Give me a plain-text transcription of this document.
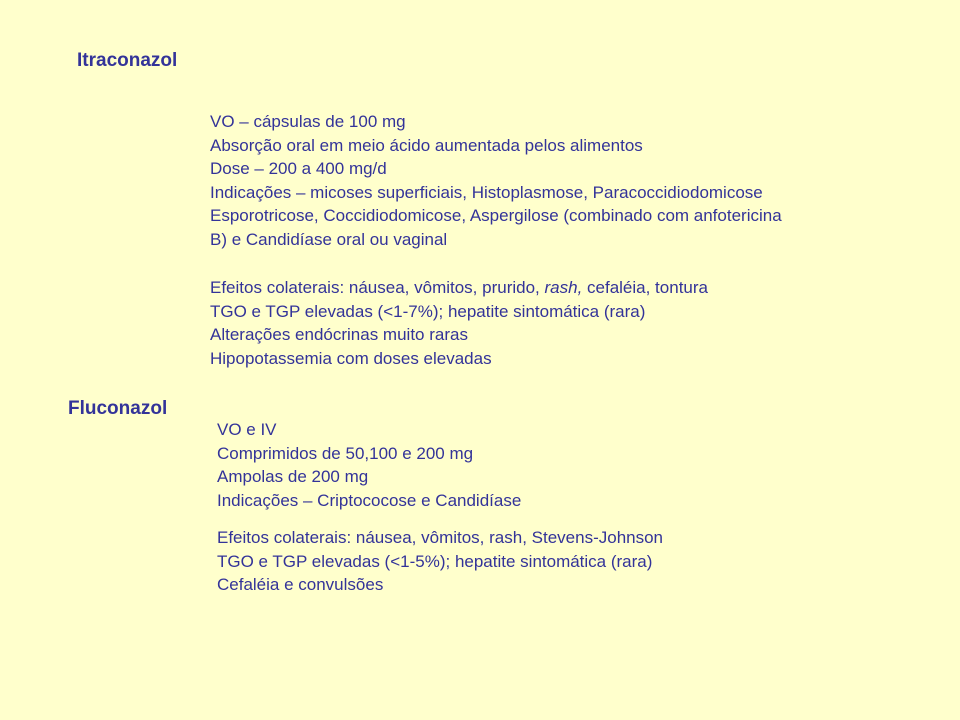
Itraconazol
VO – cápsulas de 100 mg
Absorção oral em meio ácido aumentada pelos alimentos
Dose – 200 a 400 mg/d
Indicações – micoses superficiais, Histoplasmose, Paracoccidiodomicose
Esporotricose, Coccidiodomicose, Aspergilose (combinado com anfotericina
B) e Candidíase oral ou vaginal
Efeitos colaterais: náusea, vômitos, prurido, rash, cefaléia, tontura
TGO e TGP elevadas (<1-7%); hepatite sintomática (rara)
Alterações endócrinas muito raras
Hipopotassemia com doses elevadas
Fluconazol
VO e IV
Comprimidos de 50,100 e 200 mg
Ampolas de 200 mg
Indicações – Criptococose e Candidíase
Efeitos colaterais: náusea, vômitos, rash, Stevens-Johnson
TGO e TGP elevadas (<1-5%); hepatite sintomática (rara)
Cefaléia e convulsões
